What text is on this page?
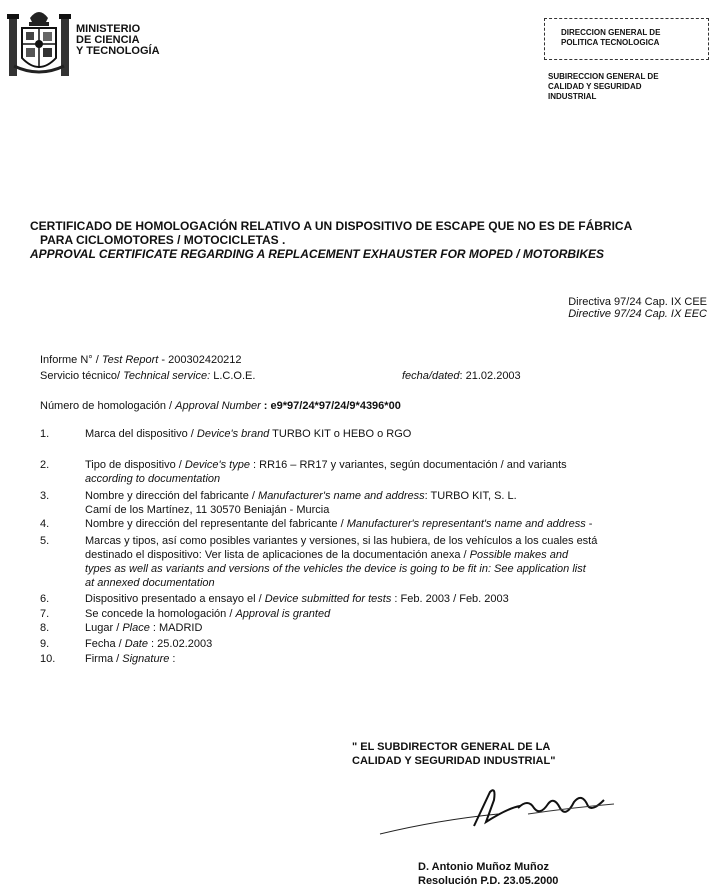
MINISTERIO
DE CIENCIA
Y TECNOLOGÍA
DIRECCION GENERAL DE
POLITICA TECNOLOGICA
SUBIRECCION GENERAL DE
CALIDAD Y SEGURIDAD
INDUSTRIAL
CERTIFICADO DE HOMOLOGACIÓN RELATIVO A UN DISPOSITIVO DE ESCAPE QUE NO ES DE FÁBRICA
PARA CICLOMOTORES / MOTOCICLETAS .
APPROVAL CERTIFICATE REGARDING A REPLACEMENT EXHAUSTER FOR MOPED / MOTORBIKES
Directiva 97/24 Cap. IX CEE
Directive 97/24 Cap. IX EEC
Informe N° / Test Report - 200302420212
Servicio técnico/ Technical service: L.C.O.E.	fecha/dated: 21.02.2003
Número de homologación / Approval Number : e9*97/24*97/24/9*4396*00
1.	Marca del dispositivo / Device's brand TURBO KIT o HEBO o RGO
2.	Tipo de dispositivo / Device's type : RR16 – RR17 y variantes, según documentación / and variants
according to documentation
3.	Nombre y dirección del fabricante / Manufacturer's name and address: TURBO KIT, S. L.
Camí de los Martínez, 11 30570 Beniaján - Murcia
4.	Nombre y dirección del representante del fabricante / Manufacturer's representant's name and address -
5.	Marcas y tipos, así como posibles variantes y versiones, si las hubiera, de los vehículos a los cuales está
destinado el dispositivo: Ver lista de aplicaciones de la documentación anexa / Possible makes and
types as well as variants and versions of the vehicles the device is going to be fit in: See application list
at annexed documentation
6.	Dispositivo presentado a ensayo el / Device submitted for tests : Feb. 2003 / Feb. 2003
7.	Se concede la homologación / Approval is granted
8.	Lugar / Place : MADRID
9.	Fecha / Date : 25.02.2003
10.	Firma / Signature :
" EL SUBDIRECTOR GENERAL DE LA
CALIDAD Y SEGURIDAD INDUSTRIAL"
D. Antonio Muñoz Muñoz
Resolución P.D. 23.05.2000
